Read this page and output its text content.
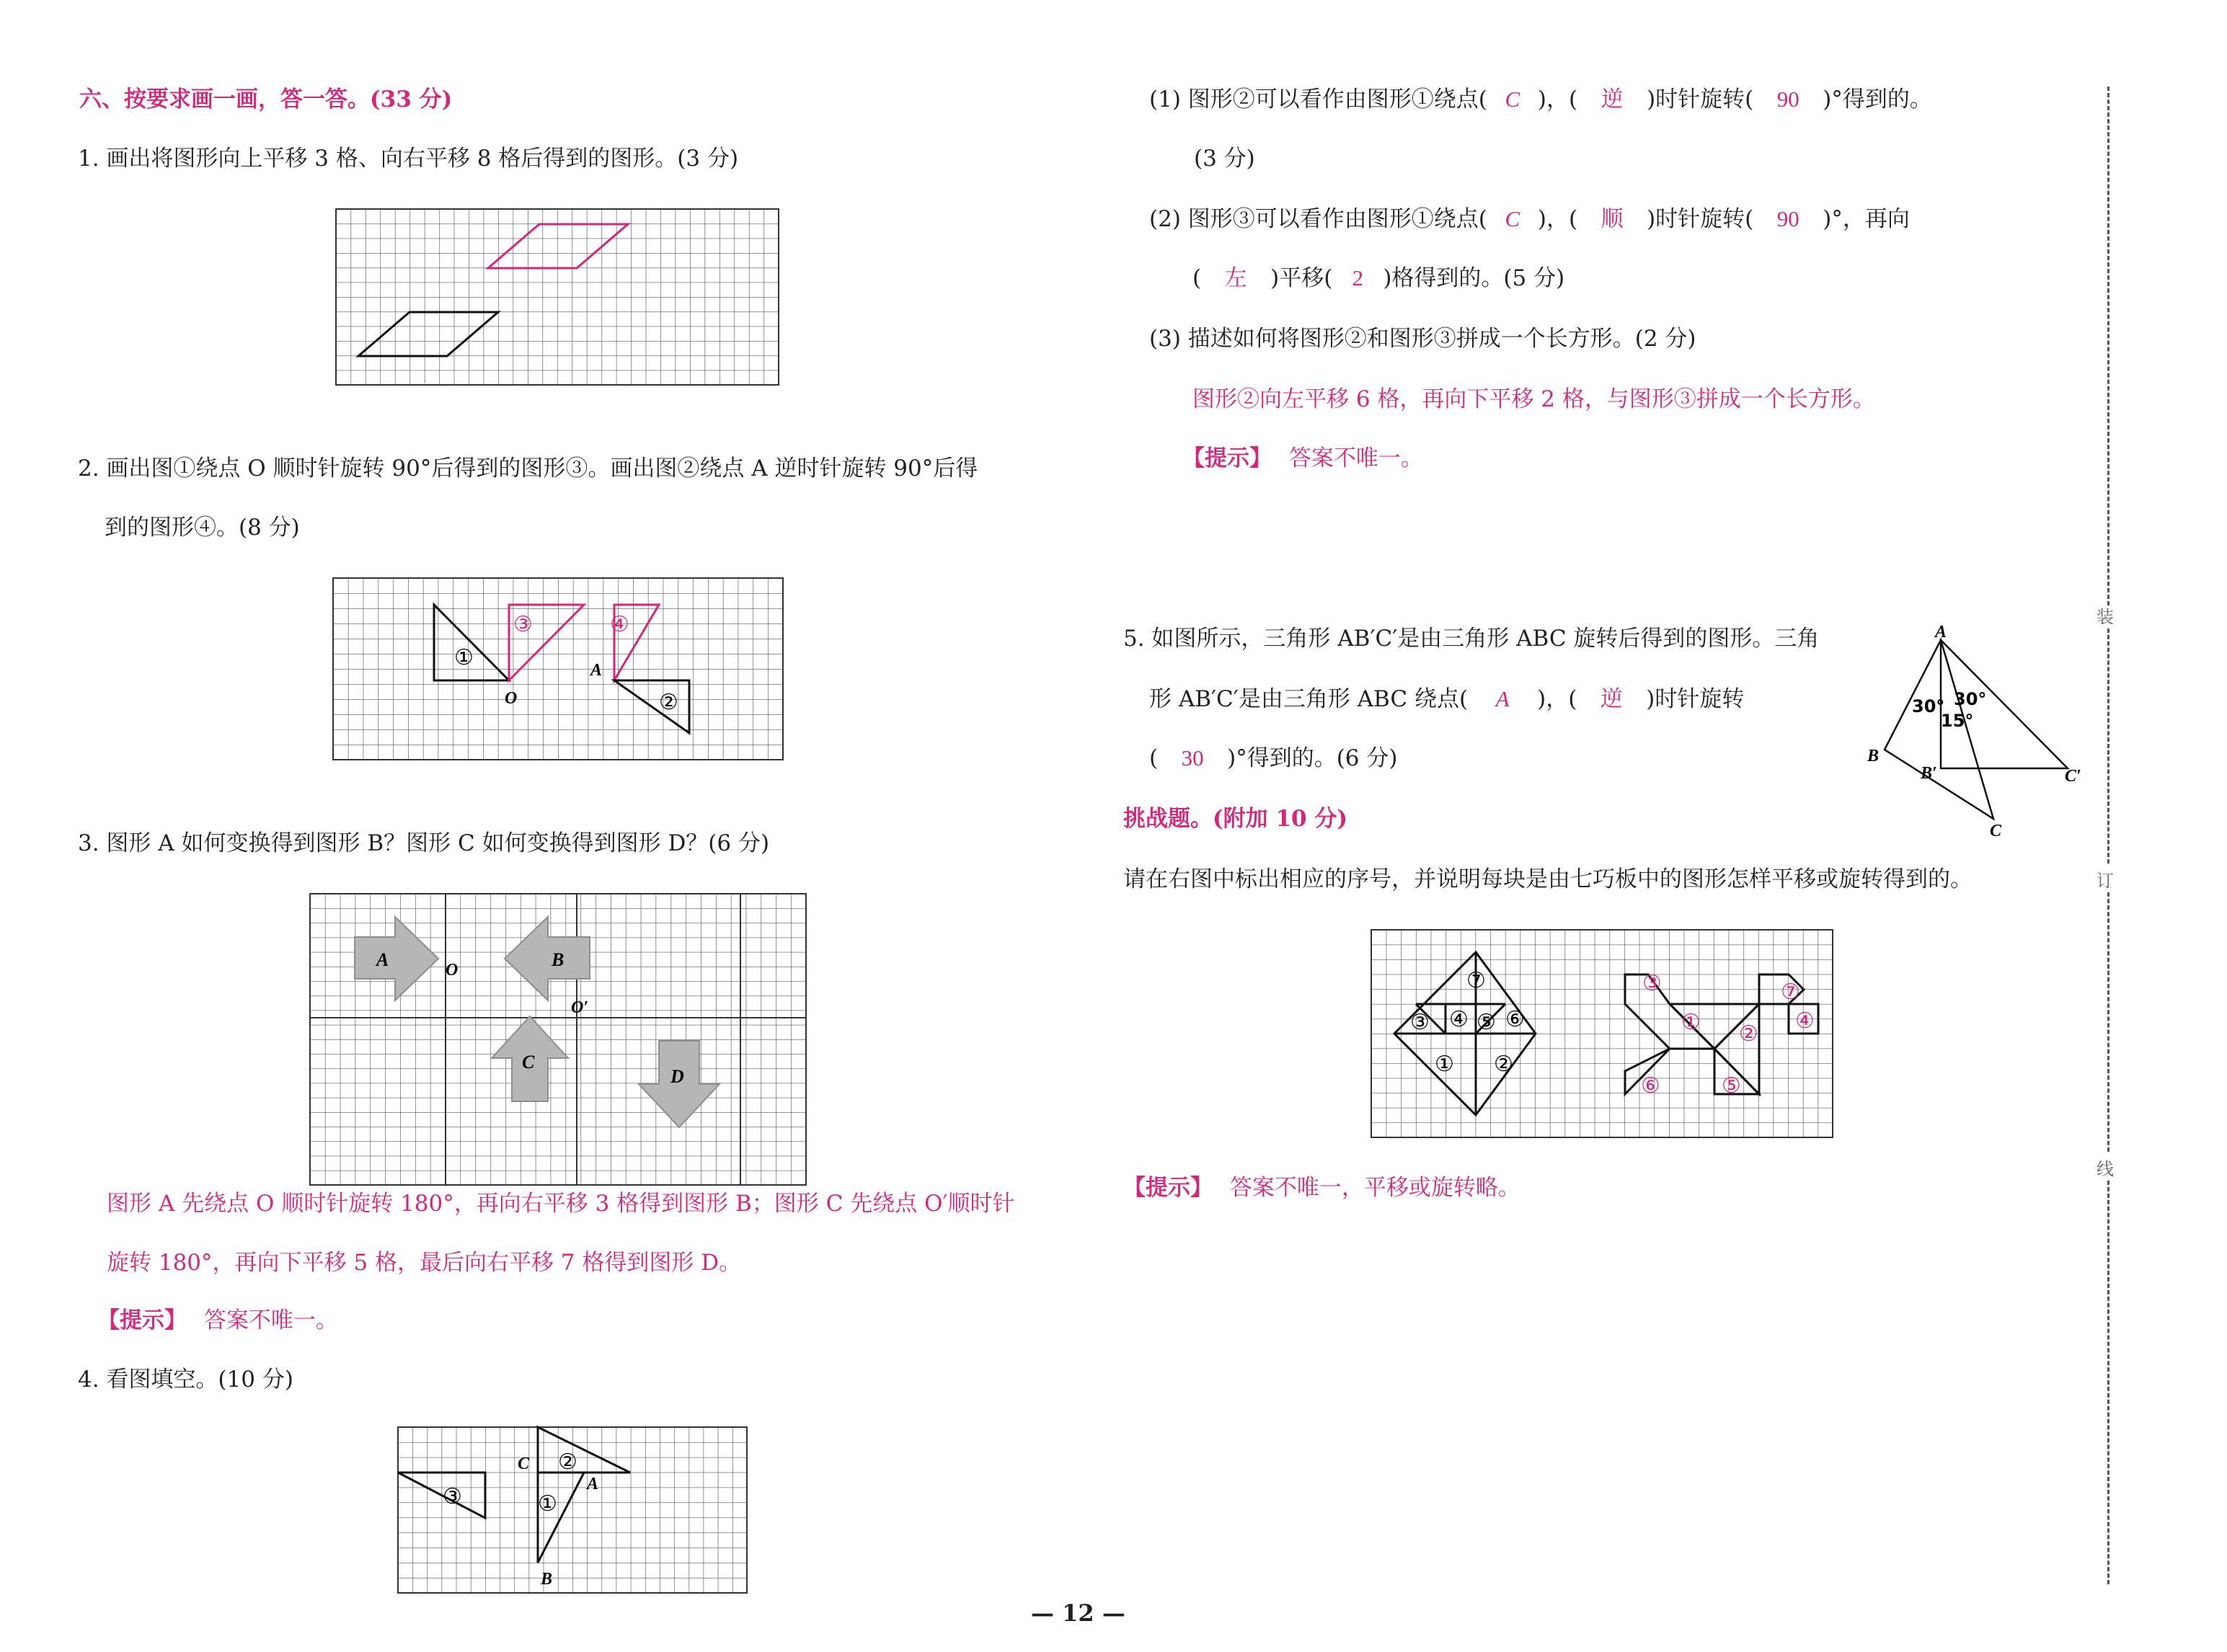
六、按要求画一画，答一答。(33 分)
1. 画出将图形向上平移 3 格、向右平移 8 格后得到的图形。(3 分)
2. 画出图①绕点 O 顺时针旋转 90°后得到的图形③。画出图②绕点 A 逆时针旋转 90°后得
到的图形④。(8 分)
①
③	④
②
O
A
3. 图形 A 如何变换得到图形 B？图形 C 如何变换得到图形 D？(6 分)
A	B
C
D
O
O′
图形 A 先绕点 O 顺时针旋转 180°，再向右平移 3 格得到图形 B；图形 C 先绕点 O′顺时针
旋转 180°，再向下平移 5 格，最后向右平移 7 格得到图形 D。
【提示】 答案不唯一。
4. 看图填空。(10 分)
③
②
①
C
A
B
(1) 图形②可以看作由图形①绕点( C )，( 逆 )时针旋转( 90 )°得到的。
(3 分)
(2) 图形③可以看作由图形①绕点( C )，( 顺 )时针旋转( 90 )°，再向
( 左 )平移( 2 )格得到的。(5 分)
(3) 描述如何将图形②和图形③拼成一个长方形。(2 分)
图形②向左平移 6 格，再向下平移 2 格，与图形③拼成一个长方形。
【提示】 答案不唯一。
5. 如图所示，三角形 AB′C′是由三角形 ABC 旋转后得到的图形。三角
形 AB′C′是由三角形 ABC 绕点( A )，( 逆 )时针旋转
( 30 )°得到的。(6 分)
A
B
B′
C
C′
30° 30°
15°
挑战题。(附加 10 分)
请在右图中标出相应的序号，并说明每块是由七巧板中的图形怎样平移或旋转得到的。
⑦
③ ④ ⑤ ⑥
① ②
③
① ②
⑦
④
⑥	⑤
【提示】 答案不唯一，平移或旋转略。
装
订
线
— 12 —
